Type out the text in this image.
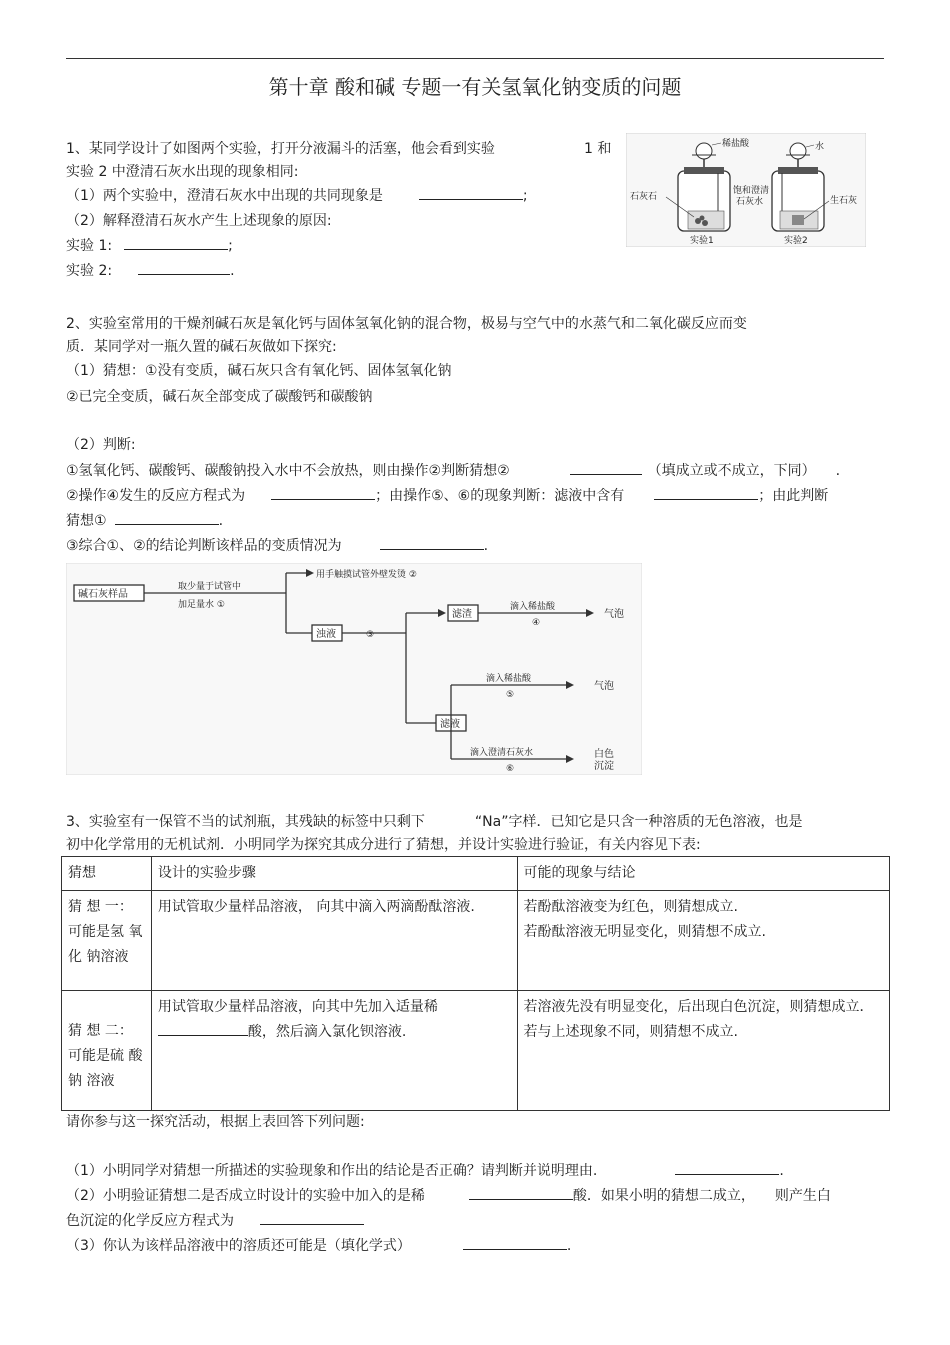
第十章 酸和碱 专题一有关氢氧化钠变质的问题
1、某同学设计了如图两个实验，打开分液漏斗的活塞，他会看到实验	1 和
实验 2 中澄清石灰水出现的现象相同:
（1）两个实验中，澄清石灰水中出现的共同现象是	;
（2）解释澄清石灰水产生上述现象的原因:
实验 1:	;
实验 2:	.
稀盐酸	水
石灰石
饱和澄清
石灰水	生石灰
实验1	实验2
2、实验室常用的干燥剂碱石灰是氧化钙与固体氢氧化钠的混合物，极易与空气中的水蒸气和二氧化碳反应而变
质．某同学对一瓶久置的碱石灰做如下探究:
（1）猜想：①没有变质，碱石灰只含有氧化钙、固体氢氧化钠
②已完全变质，碱石灰全部变成了碳酸钙和碳酸钠
（2）判断:
①氢氧化钙、碳酸钙、碳酸钠投入水中不会放热，则由操作②判断猜想②	（填成立或不成立，下同） .
②操作④发生的反应方程式为	；由操作⑤、⑥的现象判断：滤液中含有	；由此判断
猜想①	.
③综合①、②的结论判断该样品的变质情况为	.
碱石灰样品
取少量于试管中
加足量水 ①
用手触摸试管外壁发烫 ②
浊液	③
滤渣
滴入稀盐酸
④
气泡
滤液
滴入稀盐酸
⑤
气泡
滴入澄清石灰水
⑥
白色
沉淀
3、实验室有一保管不当的试剂瓶，其残缺的标签中只剩下	“Na”字样．已知它是只含一种溶质的无色溶液，也是
初中化学常用的无机试剂．小明同学为探究其成分进行了猜想，并设计实验进行验证，有关内容见下表:
猜想	设计的实验步骤	可能的现象与结论
猜 想 一：可能是氢 氧 化 钠溶液	用试管取少量样品溶液， 向其中滴入两滴酚酞溶液.	若酚酞溶液变为红色，则猜想成立.
若酚酞溶液无明显变化，则猜想不成立.

猜 想 二：可能是硫 酸 钠 溶液	用试管取少量样品溶液，向其中先加入适量稀
酸，然后滴入氯化钡溶液.	若溶液先没有明显变化，后出现白色沉淀，则猜想成立．若与上述现象不同，则猜想不成立.
请你参与这一探究活动，根据上表回答下列问题:
（1）小明同学对猜想一所描述的实验现象和作出的结论是否正确？请判断并说明理由.	.
（2）小明验证猜想二是否成立时设计的实验中加入的是稀	酸．如果小明的猜想二成立， 则产生白
色沉淀的化学反应方程式为
（3）你认为该样品溶液中的溶质还可能是（填化学式）	.
